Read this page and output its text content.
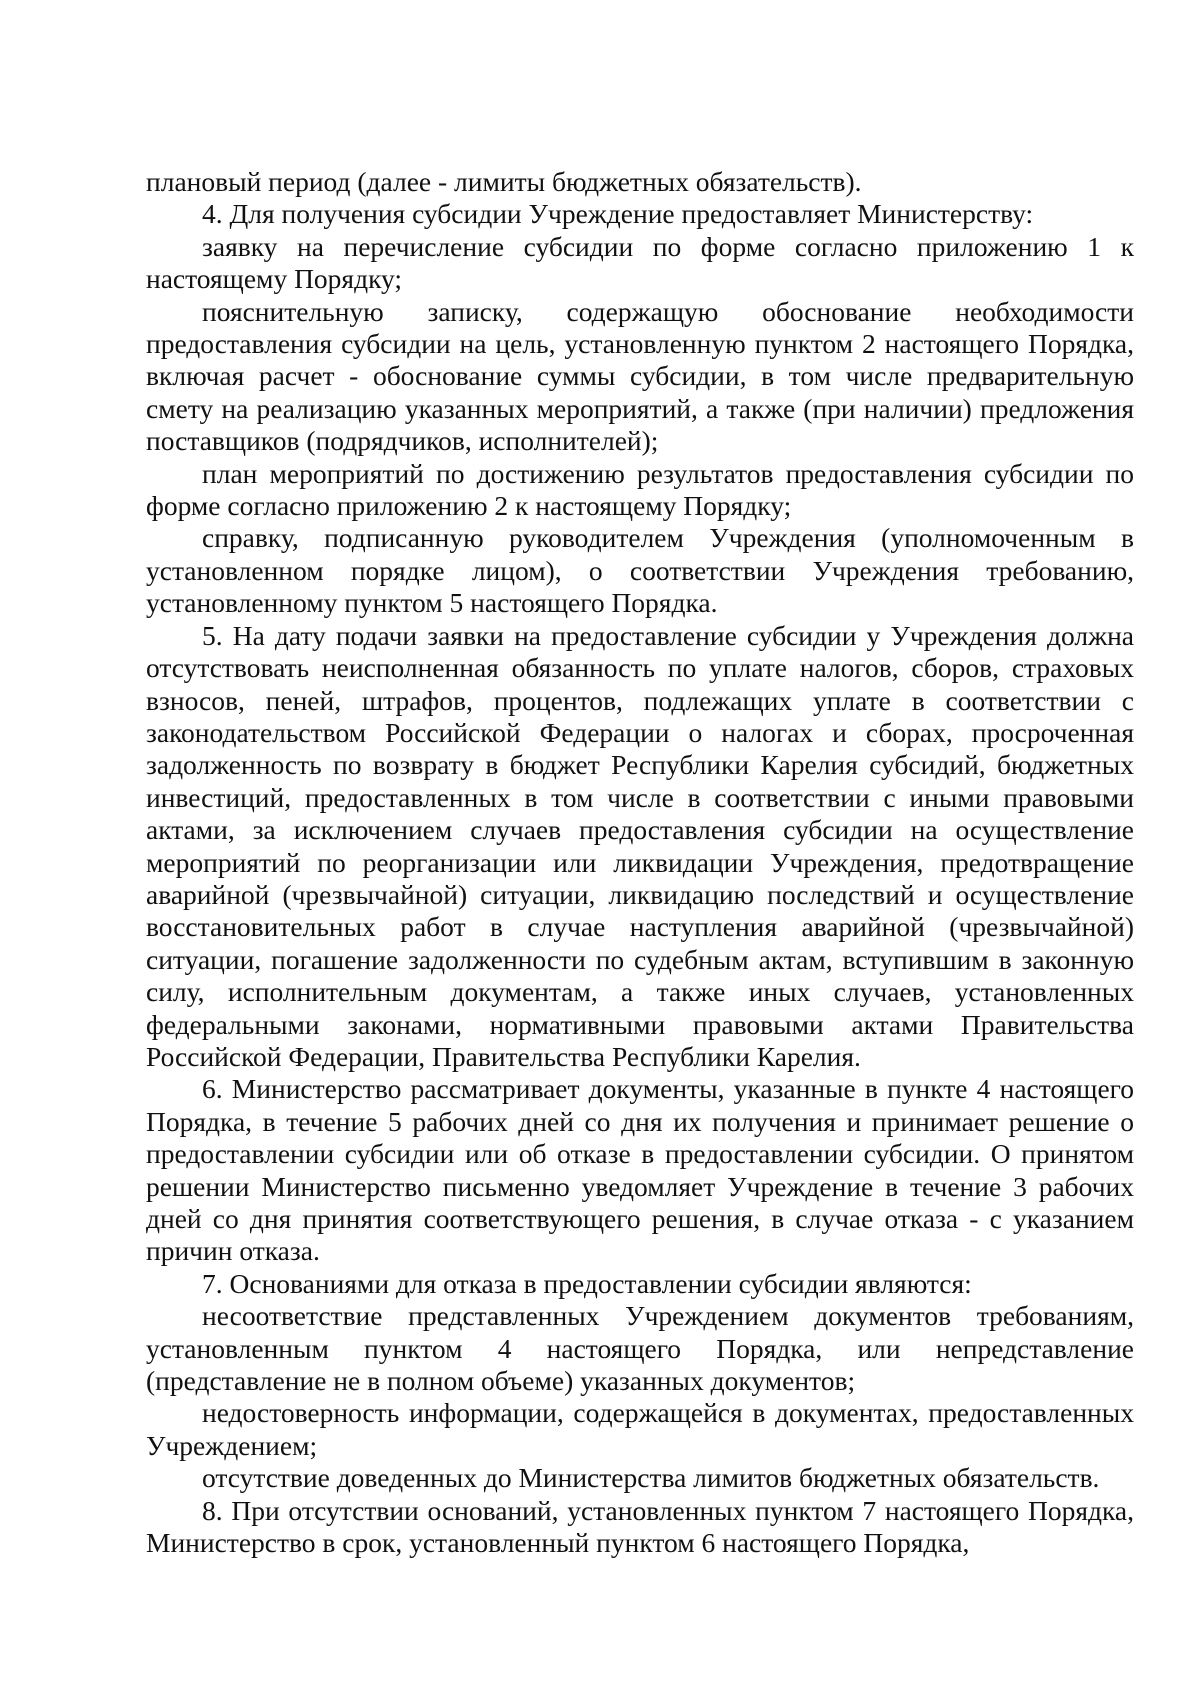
плановый период (далее - лимиты бюджетных обязательств).

4. Для получения субсидии Учреждение предоставляет Министерству:

заявку на перечисление субсидии по форме согласно приложению 1 к настоящему Порядку;

пояснительную записку, содержащую обоснование необходимости предоставления субсидии на цель, установленную пунктом 2 настоящего Порядка, включая расчет - обоснование суммы субсидии, в том числе предварительную смету на реализацию указанных мероприятий, а также (при наличии) предложения поставщиков (подрядчиков, исполнителей);

план мероприятий по достижению результатов предоставления субсидии по форме согласно приложению 2 к настоящему Порядку;

справку, подписанную руководителем Учреждения (уполномоченным в установленном порядке лицом), о соответствии Учреждения требованию, установленному пунктом 5 настоящего Порядка.

5. На дату подачи заявки на предоставление субсидии у Учреждения должна отсутствовать неисполненная обязанность по уплате налогов, сборов, страховых взносов, пеней, штрафов, процентов, подлежащих уплате в соответствии с законодательством Российской Федерации о налогах и сборах, просроченная задолженность по возврату в бюджет Республики Карелия субсидий, бюджетных инвестиций, предоставленных в том числе в соответствии с иными правовыми актами, за исключением случаев предоставления субсидии на осуществление мероприятий по реорганизации или ликвидации Учреждения, предотвращение аварийной (чрезвычайной) ситуации, ликвидацию последствий и осуществление восстановительных работ в случае наступления аварийной (чрезвычайной) ситуации, погашение задолженности по судебным актам, вступившим в законную силу, исполнительным документам, а также иных случаев, установленных федеральными законами, нормативными правовыми актами Правительства Российской Федерации, Правительства Республики Карелия.

6. Министерство рассматривает документы, указанные в пункте 4 настоящего Порядка, в течение 5 рабочих дней со дня их получения и принимает решение о предоставлении субсидии или об отказе в предоставлении субсидии. О принятом решении Министерство письменно уведомляет Учреждение в течение 3 рабочих дней со дня принятия соответствующего решения, в случае отказа - с указанием причин отказа.

7. Основаниями для отказа в предоставлении субсидии являются:

несоответствие представленных Учреждением документов требованиям, установленным пунктом 4 настоящего Порядка, или непредставление (представление не в полном объеме) указанных документов;

недостоверность информации, содержащейся в документах, предоставленных Учреждением;

отсутствие доведенных до Министерства лимитов бюджетных обязательств.

8. При отсутствии оснований, установленных пунктом 7 настоящего Порядка, Министерство в срок, установленный пунктом 6 настоящего Порядка,
